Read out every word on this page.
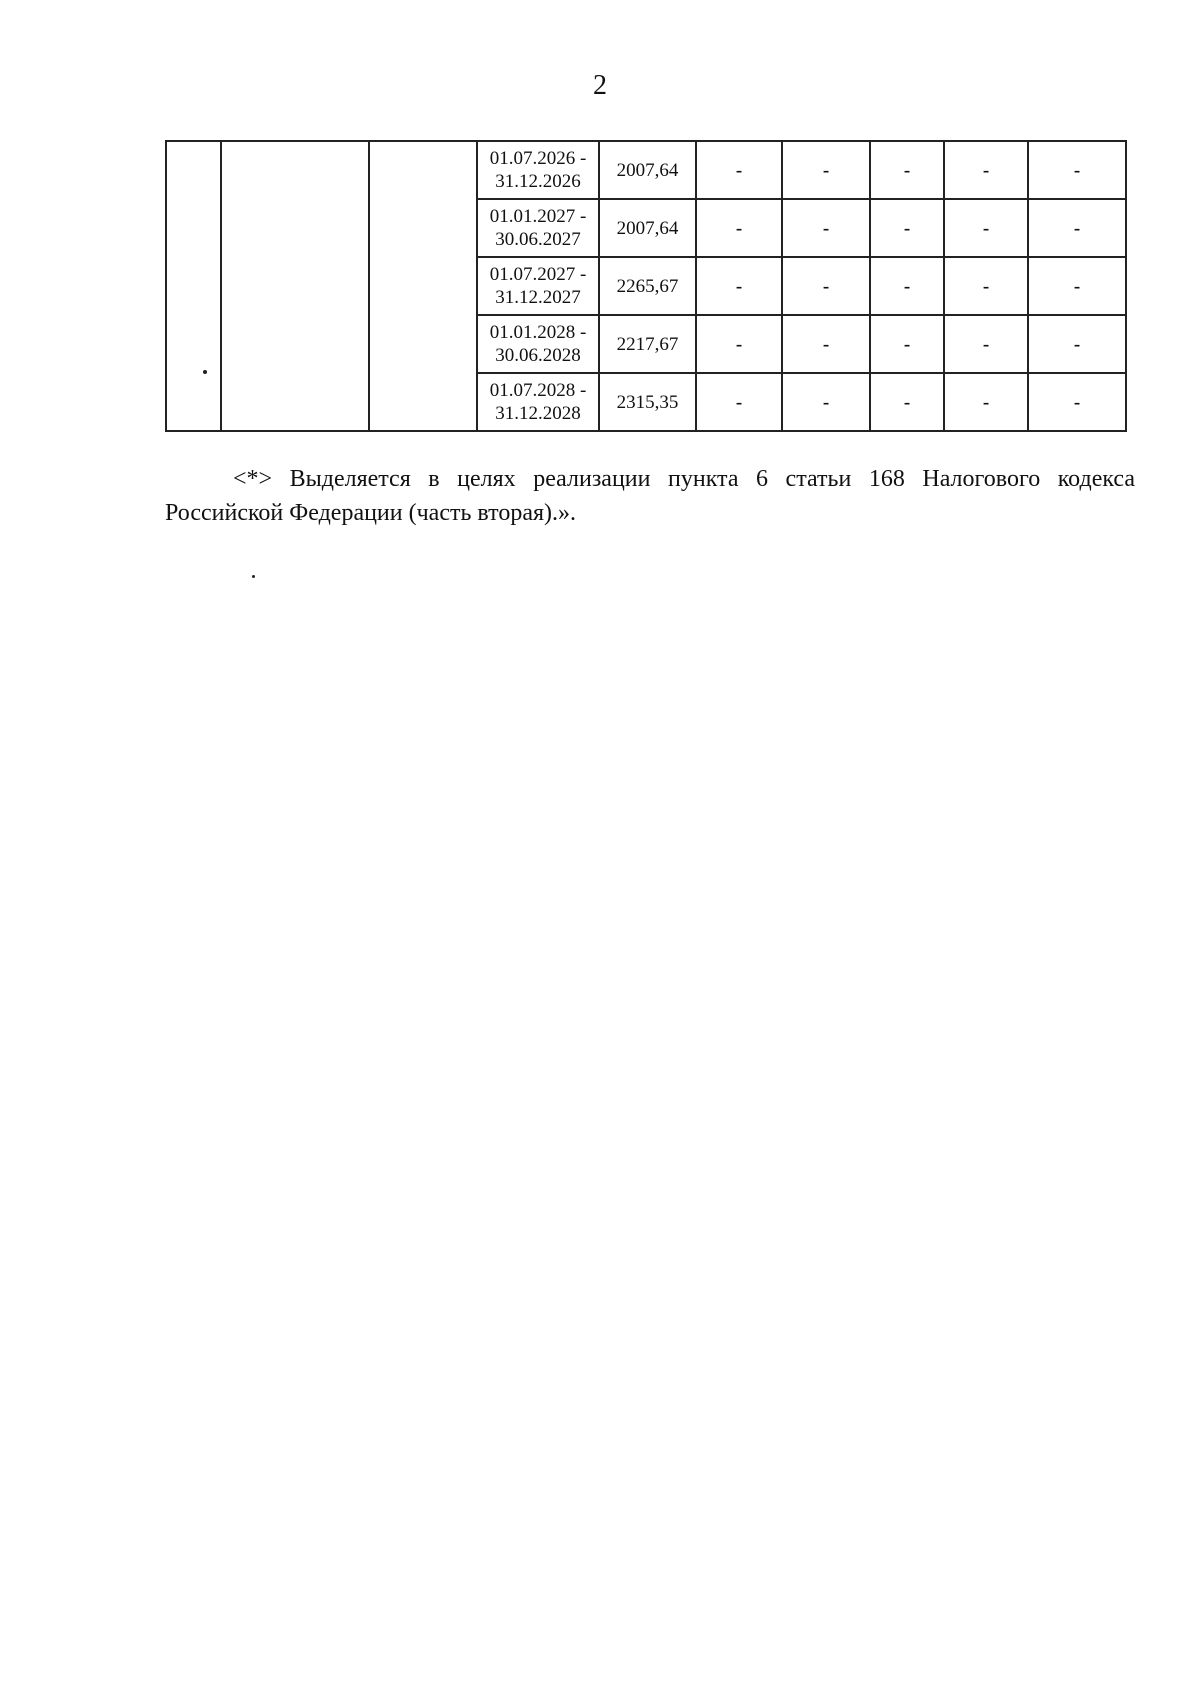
2

			01.07.2026 -
31.12.2026	2007,64	-	-	-	-	-

			01.01.2027 -
30.06.2027	2007,64	-	-	-	-	-

			01.07.2027 -
31.12.2027	2265,67	-	-	-	-	-

			01.01.2028 -
30.06.2028	2217,67	-	-	-	-	-

			01.07.2028 -
31.12.2028	2315,35	-	-	-	-	-
<*> Выделяется в целях реализации пункта 6 статьи 168 Налогового кодекса Российской Федерации (часть вторая).».
